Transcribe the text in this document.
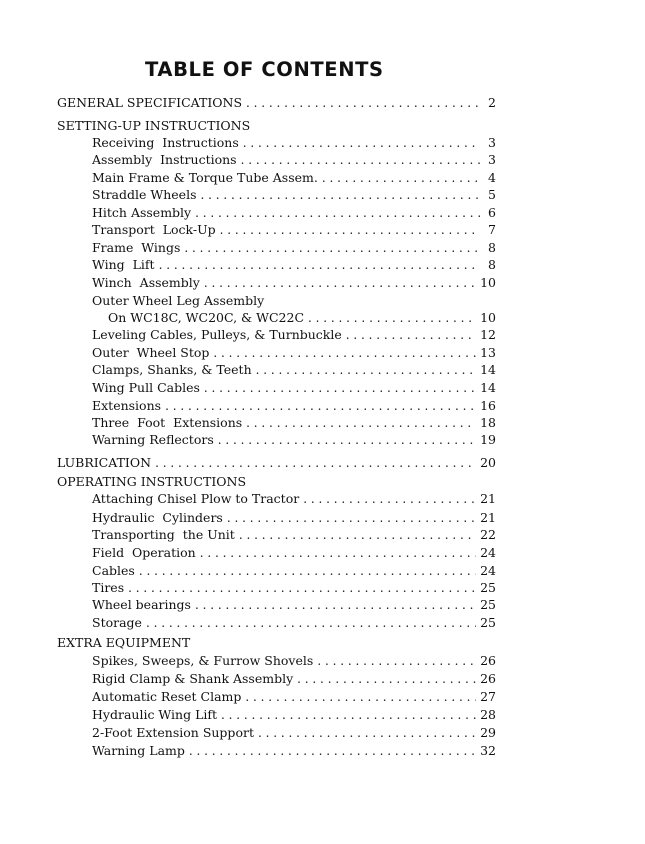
TABLE OF CONTENTS
GENERAL SPECIFICATIONS . . .	2
SETTING-UP INSTRUCTIONS
Receiving  Instructions . . .	3
Assembly  Instructions . . .	3
Main Frame & Torque Tube Assem. . . .	4
Straddle Wheels . . .	5
Hitch Assembly . . .	6
Transport  Lock-Up . . .	7
Frame  Wings . . .	8
Wing  Lift . . .	8
Winch  Assembly . . .	10
Outer Wheel Leg Assembly
On WC18C, WC20C, & WC22C . . .	10
Leveling Cables, Pulleys, & Turnbuckle . . .	12
Outer  Wheel Stop . . .	13
Clamps, Shanks, & Teeth . . .	14
Wing Pull Cables . . .	14
Extensions . . .	16
Three  Foot  Extensions . . .	18
Warning Reflectors . . .	19
LUBRICATION . . .	20
OPERATING INSTRUCTIONS
Attaching Chisel Plow to Tractor . . .	21
Hydraulic  Cylinders . . .	21
Transporting  the Unit . . .	22
Field  Operation . . .	24
Cables . . .	24
Tires . . .	25
Wheel bearings . . .	25
Storage . . .	25
EXTRA EQUIPMENT
Spikes, Sweeps, & Furrow Shovels . . .	26
Rigid Clamp & Shank Assembly . . .	26
Automatic Reset Clamp . . .	27
Hydraulic Wing Lift . . .	28
2-Foot Extension Support . . .	29
Warning Lamp . . .	32
